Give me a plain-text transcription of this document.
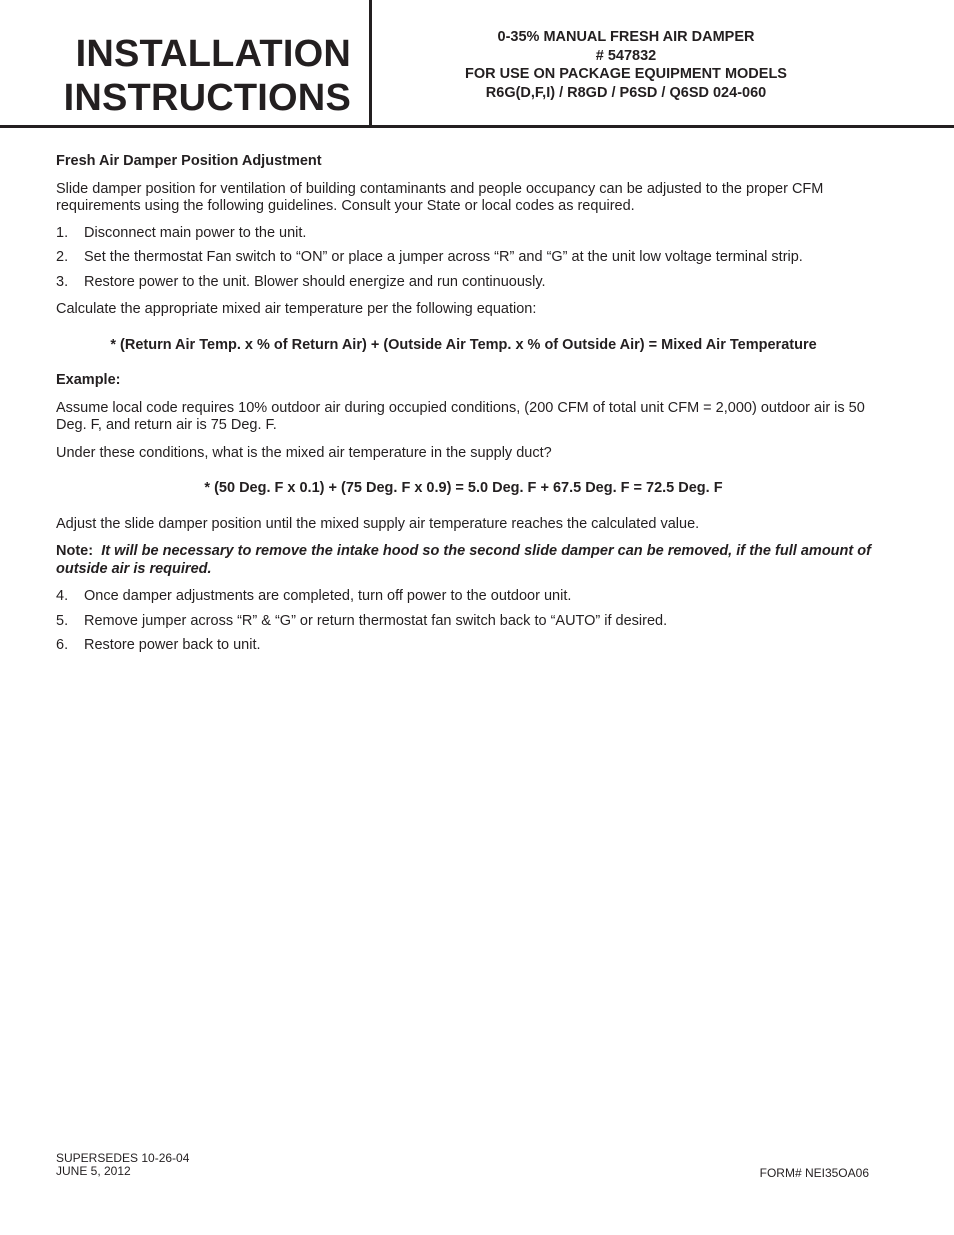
INSTALLATION
INSTRUCTIONS
0-35% MANUAL FRESH AIR DAMPER
# 547832
FOR USE ON PACKAGE EQUIPMENT MODELS
R6G(D,F,I) / R8GD / P6SD / Q6SD 024-060

Fresh Air Damper Position Adjustment

Slide damper position for ventilation of building contaminants and people occupancy can be adjusted to the proper CFM requirements using the following guidelines. Consult your State or local codes as required.

1.	Disconnect main power to the unit.
2.	Set the thermostat Fan switch to “ON” or place a jumper across “R” and “G” at the unit low voltage terminal strip.
3.	Restore power to the unit. Blower should energize and run continuously.

Calculate the appropriate mixed air temperature per the following equation:

* (Return Air Temp. x % of Return Air) + (Outside Air Temp. x % of Outside Air) = Mixed Air Temperature

Example:

Assume local code requires 10% outdoor air during occupied conditions, (200 CFM of total unit CFM = 2,000) outdoor air is 50 Deg. F, and return air is 75 Deg. F.

Under these conditions, what is the mixed air temperature in the supply duct?

* (50 Deg. F x 0.1) + (75 Deg. F x 0.9) = 5.0 Deg. F + 67.5 Deg. F = 72.5 Deg. F

Adjust the slide damper position until the mixed supply air temperature reaches the calculated value.

Note: It will be necessary to remove the intake hood so the second slide damper can be removed, if the full amount of outside air is required.

4.	Once damper adjustments are completed, turn off power to the outdoor unit.
5.	Remove jumper across “R” & “G” or return thermostat fan switch back to “AUTO” if desired.
6.	Restore power back to unit.
SUPERSEDES 10-26-04
JUNE 5, 2012	FORM# NEI35OA06
